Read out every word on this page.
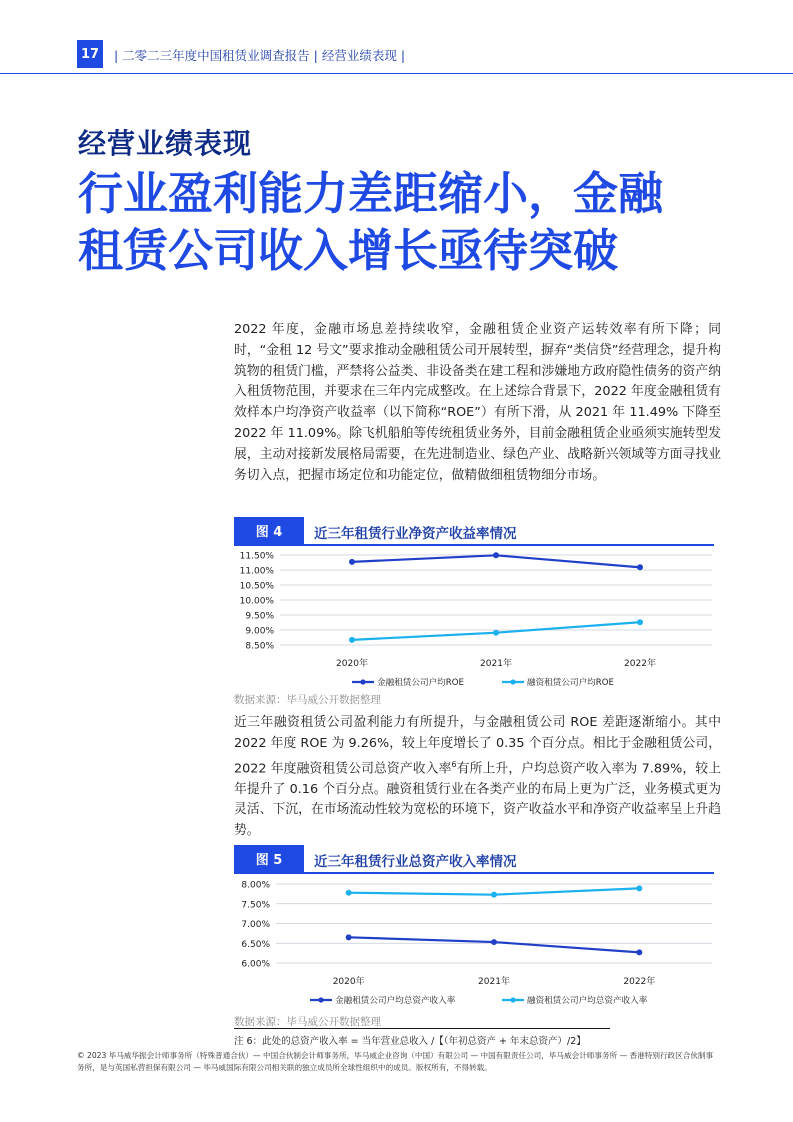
17	| 二零二三年度中国租赁业调查报告 | 经营业绩表现 |
经营业绩表现
行业盈利能力差距缩小，金融
租赁公司收入增长亟待突破
2022 年度，金融市场息差持续收窄，金融租赁企业资产运转效率有所下降；同时，“金租 12 号文”要求推动金融租赁公司开展转型，摒弃“类信贷”经营理念，提升构筑物的租赁门槛，严禁将公益类、非设备类在建工程和涉嫌地方政府隐性债务的资产纳入租赁物范围，并要求在三年内完成整改。在上述综合背景下，2022 年度金融租赁有效样本户均净资产收益率（以下简称“ROE”）有所下滑，从 2021 年 11.49% 下降至 2022 年 11.09%。除飞机船舶等传统租赁业务外，目前金融租赁企业亟须实施转型发展，主动对接新发展格局需要，在先进制造业、绿色产业、战略新兴领域等方面寻找业务切入点，把握市场定位和功能定位，做精做细租赁物细分市场。
图 4	近三年租赁行业净资产收益率情况
11.50%
11.00%
10.50%
10.00%
9.50%
9.00%
8.50%
2020年	2021年	2022年
金融租赁公司户均ROE	融资租赁公司户均ROE
数据来源：毕马威公开数据整理
近三年融资租赁公司盈利能力有所提升，与金融租赁公司 ROE 差距逐渐缩小。其中 2022 年度 ROE 为 9.26%，较上年度增长了 0.35 个百分点。相比于金融租赁公司，2022 年度融资租赁公司总资产收入率$^6$有所上升，户均总资产收入率为 7.89%，较上年提升了 0.16 个百分点。融资租赁行业在各类产业的布局上更为广泛，业务模式更为灵活、下沉，在市场流动性较为宽松的环境下，资产收益水平和净资产收益率呈上升趋势。
图 5	近三年租赁行业总资产收入率情况
8.00%
7.50%
7.00%
6.50%
6.00%
2020年	2021年	2022年
金融租赁公司户均总资产收入率	融资租赁公司户均总资产收入率
数据来源：毕马威公开数据整理
注 6：此处的总资产收入率 = 当年营业总收入 /【（年初总资产 + 年末总资产）/2】
© 2023 毕马威华振会计师事务所（特殊普通合伙）— 中国合伙制会计师事务所，毕马威企业咨询（中国）有限公司 — 中国有限责任公司，毕马威会计师事务所 — 香港特别行政区合伙制事务所，是与英国私营担保有限公司 — 毕马威国际有限公司相关联的独立成员所全球性组织中的成员。版权所有，不得转载。
